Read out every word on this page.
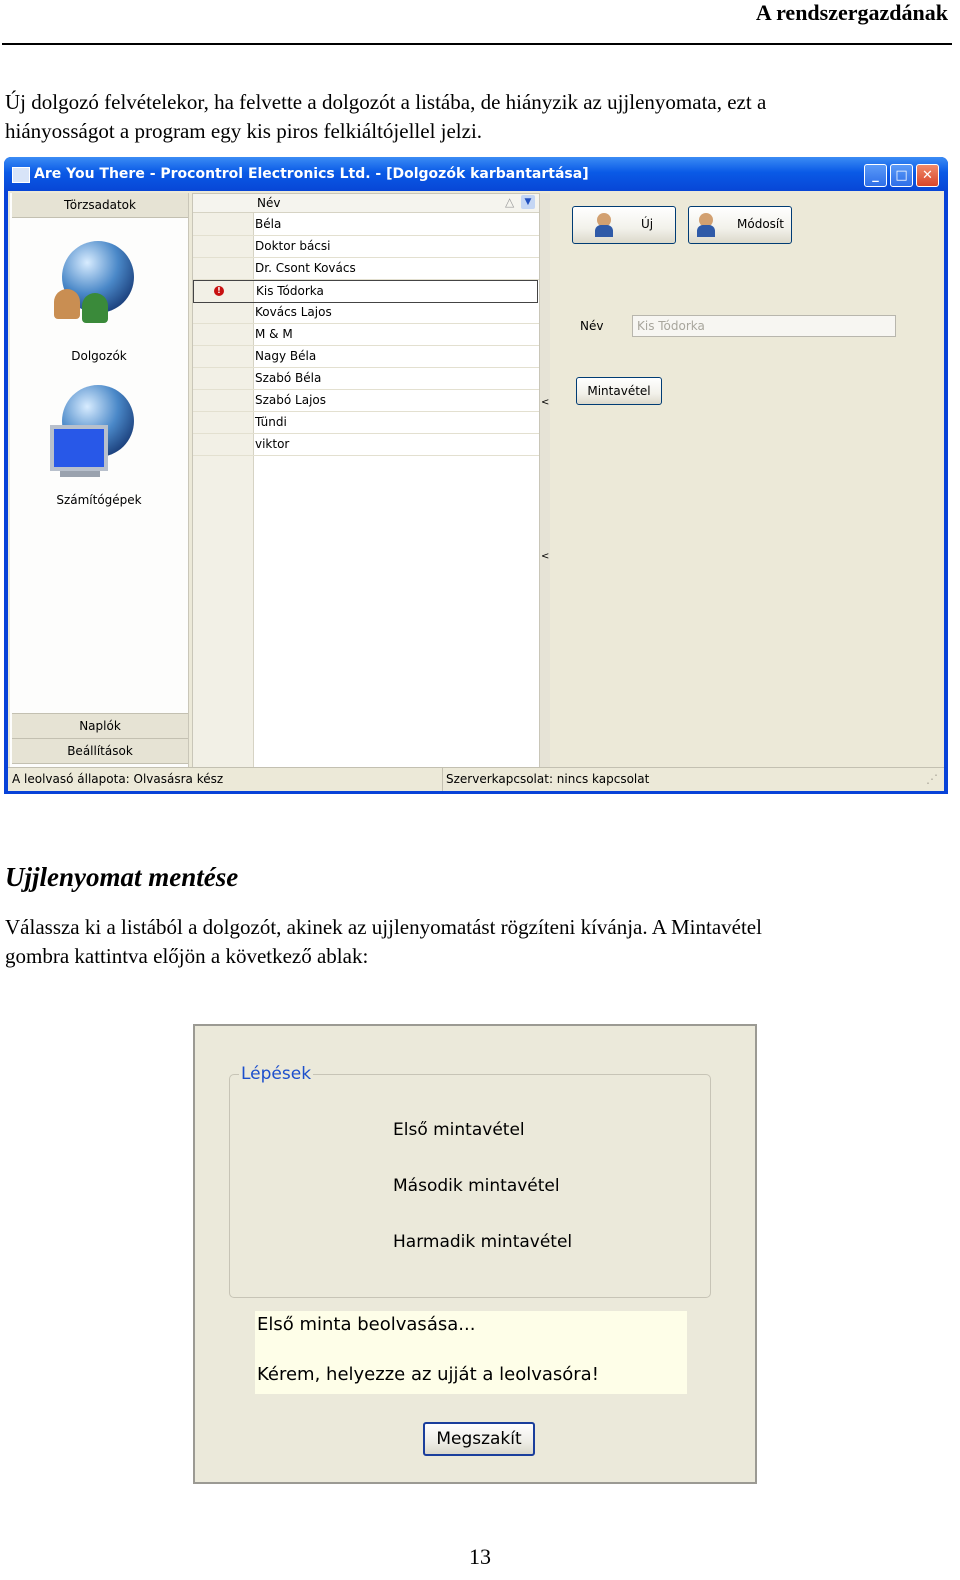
A rendszergazdának
Új dolgozó felvételekor, ha felvette a dolgozót a listába, de hiányzik az ujjlenyomata, ezt a
hiányosságot a program egy kis piros felkiáltójellel jelzi.
Are You There - Procontrol Electronics Ltd. - [Dolgozók karbantartása]	_	□	✕
Törzsadatok
Dolgozók
Számítógépek
Naplók
Beállítások
Név	△	▼
Béla
Doktor bácsi
Dr. Csont Kovács
!	Kis Tódorka
Kovács Lajos
M & M
Nagy Béla
Szabó Béla
Szabó Lajos
Tündi
viktor
<
<
Új	Módosít
Név	Kis Tódorka
Mintavétel
A leolvasó állapota: Olvasásra kész	Szerverkapcsolat: nincs kapcsolat	⋰
Ujjlenyomat mentése
Válassza ki a listából a dolgozót, akinek az ujjlenyomatást rögzíteni kívánja. A Mintavétel
gombra kattintva előjön a következő ablak:
Lépések
Első mintavétel
Második mintavétel
Harmadik mintavétel
Első minta beolvasása...
Kérem, helyezze az ujját a leolvasóra!
Megszakít
13
